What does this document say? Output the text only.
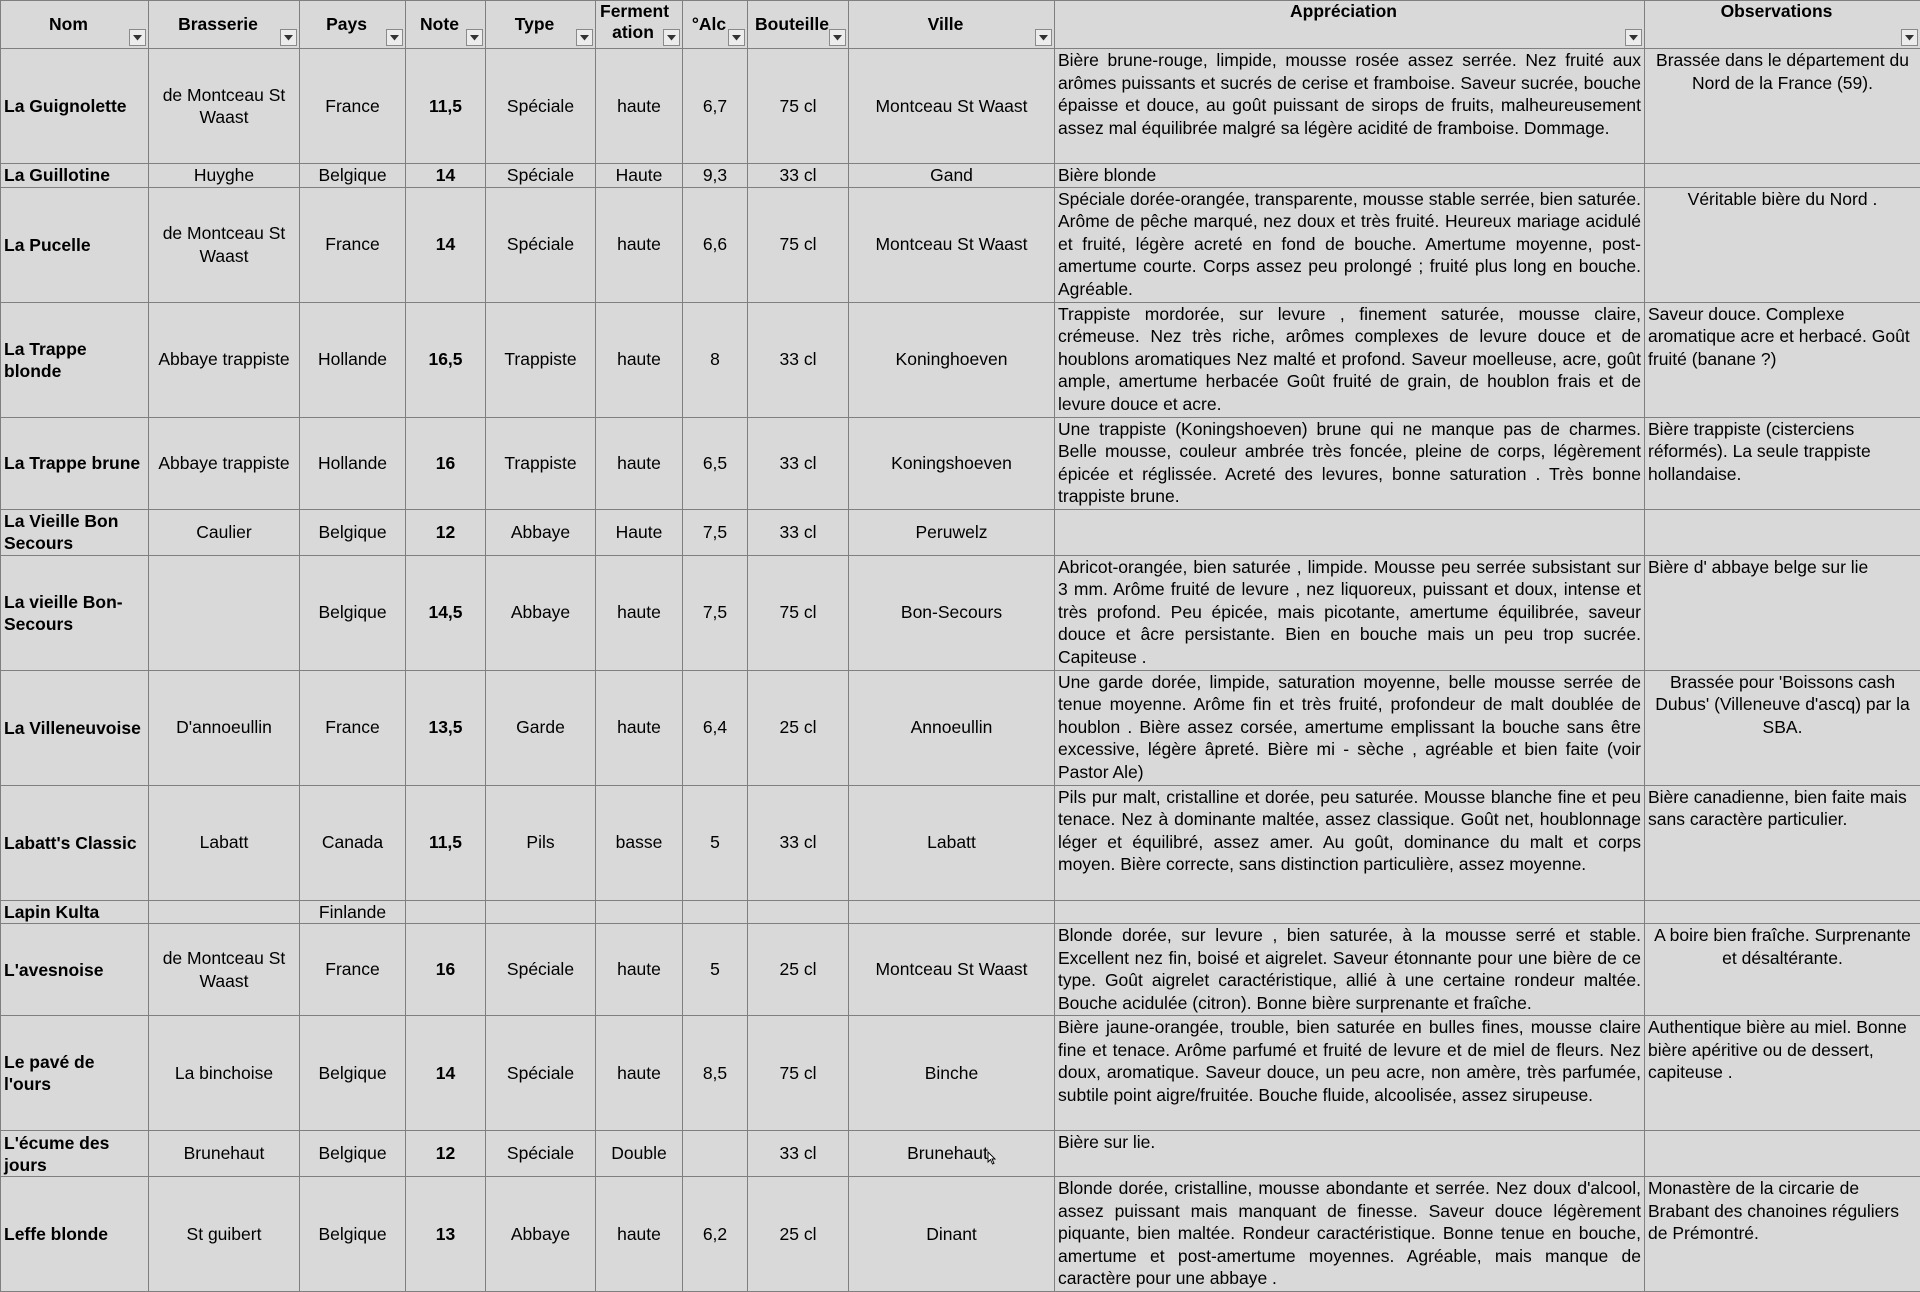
Nom	Brasserie	Pays	Note	Type	Ferment ation	°Alc	Bouteille	Ville	Appréciation	Observations

La Guignolette	de Montceau St Waast	France	11,5	Spéciale	haute	6,7	75 cl	Montceau St Waast	Bière brune-rouge, limpide, mousse rosée assez serrée. Nez fruité aux arômes puissants et sucrés de cerise et framboise. Saveur sucrée, bouche épaisse et douce, au goût puissant de sirops de fruits, malheureusement assez mal équilibrée malgré sa légère acidité de framboise. Dommage.	Brassée dans le département du Nord de la France (59).
La Guillotine	Huyghe	Belgique	14	Spéciale	Haute	9,3	33 cl	Gand	Bière blonde	
La Pucelle	de Montceau St Waast	France	14	Spéciale	haute	6,6	75 cl	Montceau St Waast	Spéciale dorée-orangée, transparente, mousse stable serrée, bien saturée. Arôme de pêche marqué, nez doux et très fruité. Heureux mariage acidulé et fruité, légère acreté en fond de bouche. Amertume moyenne, post-amertume courte. Corps assez peu prolongé ; fruité plus long en bouche. Agréable.	Véritable bière du Nord .
La Trappe blonde	Abbaye trappiste	Hollande	16,5	Trappiste	haute	8	33 cl	Koninghoeven	Trappiste mordorée, sur levure , finement saturée, mousse claire, crémeuse. Nez très riche, arômes complexes de levure douce et de houblons aromatiques Nez malté et profond. Saveur moelleuse, acre, goût ample, amertume herbacée Goût fruité de grain, de houblon frais et de levure douce et acre.	Saveur douce. Complexe aromatique acre et herbacé. Goût fruité (banane ?)
La Trappe brune	Abbaye trappiste	Hollande	16	Trappiste	haute	6,5	33 cl	Koningshoeven	Une trappiste (Koningshoeven) brune qui ne manque pas de charmes. Belle mousse, couleur ambrée très foncée, pleine de corps, légèrement épicée et réglissée. Acreté des levures, bonne saturation . Très bonne trappiste brune.	Bière trappiste (cisterciens réformés). La seule trappiste hollandaise.
La Vieille Bon Secours	Caulier	Belgique	12	Abbaye	Haute	7,5	33 cl	Peruwelz		
La vieille Bon-Secours		Belgique	14,5	Abbaye	haute	7,5	75 cl	Bon-Secours	Abricot-orangée, bien saturée , limpide. Mousse peu serrée subsistant sur 3 mm. Arôme fruité de levure , nez liquoreux, puissant et doux, intense et très profond. Peu épicée, mais picotante, amertume équilibrée, saveur douce et âcre persistante. Bien en bouche mais un peu trop sucrée. Capiteuse .	Bière d' abbaye belge sur lie
La Villeneuvoise	D'annoeullin	France	13,5	Garde	haute	6,4	25 cl	Annoeullin	Une garde dorée, limpide, saturation moyenne, belle mousse serrée de tenue moyenne. Arôme fin et très fruité, profondeur de malt doublée de houblon . Bière assez corsée, amertume emplissant la bouche sans être excessive, légère âpreté. Bière mi - sèche , agréable et bien faite (voir Pastor Ale)	Brassée pour 'Boissons cash Dubus' (Villeneuve d'ascq) par la SBA.
Labatt's Classic	Labatt	Canada	11,5	Pils	basse	5	33 cl	Labatt	Pils pur malt, cristalline et dorée, peu saturée. Mousse blanche fine et peu tenace. Nez à dominante maltée, assez classique. Goût net, houblonnage léger et équilibré, assez amer. Au goût, dominance du malt et corps moyen. Bière correcte, sans distinction particulière, assez moyenne.	Bière canadienne, bien faite mais sans caractère particulier.
Lapin Kulta		Finlande								
L'avesnoise	de Montceau St Waast	France	16	Spéciale	haute	5	25 cl	Montceau St Waast	Blonde dorée, sur levure , bien saturée, à la mousse serré et stable. Excellent nez fin, boisé et aigrelet. Saveur étonnante pour une bière de ce type. Goût aigrelet caractéristique, allié à une certaine rondeur maltée. Bouche acidulée (citron). Bonne bière surprenante et fraîche.	A boire bien fraîche. Surprenante et désaltérante.
Le pavé de l'ours	La binchoise	Belgique	14	Spéciale	haute	8,5	75 cl	Binche	Bière jaune-orangée, trouble, bien saturée en bulles fines, mousse claire fine et tenace. Arôme parfumé et fruité de levure et de miel de fleurs. Nez doux, aromatique. Saveur douce, un peu acre, non amère, très parfumée, subtile point aigre/fruitée. Bouche fluide, alcoolisée, assez sirupeuse.	Authentique bière au miel. Bonne bière apéritive ou de dessert, capiteuse .
L'écume des jours	Brunehaut	Belgique	12	Spéciale	Double		33 cl	Brunehaut	Bière sur lie.	
Leffe blonde	St guibert	Belgique	13	Abbaye	haute	6,2	25 cl	Dinant	Blonde dorée, cristalline, mousse abondante et serrée. Nez doux d'alcool, assez puissant mais manquant de finesse. Saveur douce légèrement piquante, bien maltée. Rondeur caractéristique. Bonne tenue en bouche, amertume et post-amertume moyennes. Agréable, mais manque de caractère pour une abbaye .	Monastère de la circarie de Brabant des chanoines réguliers de Prémontré.
